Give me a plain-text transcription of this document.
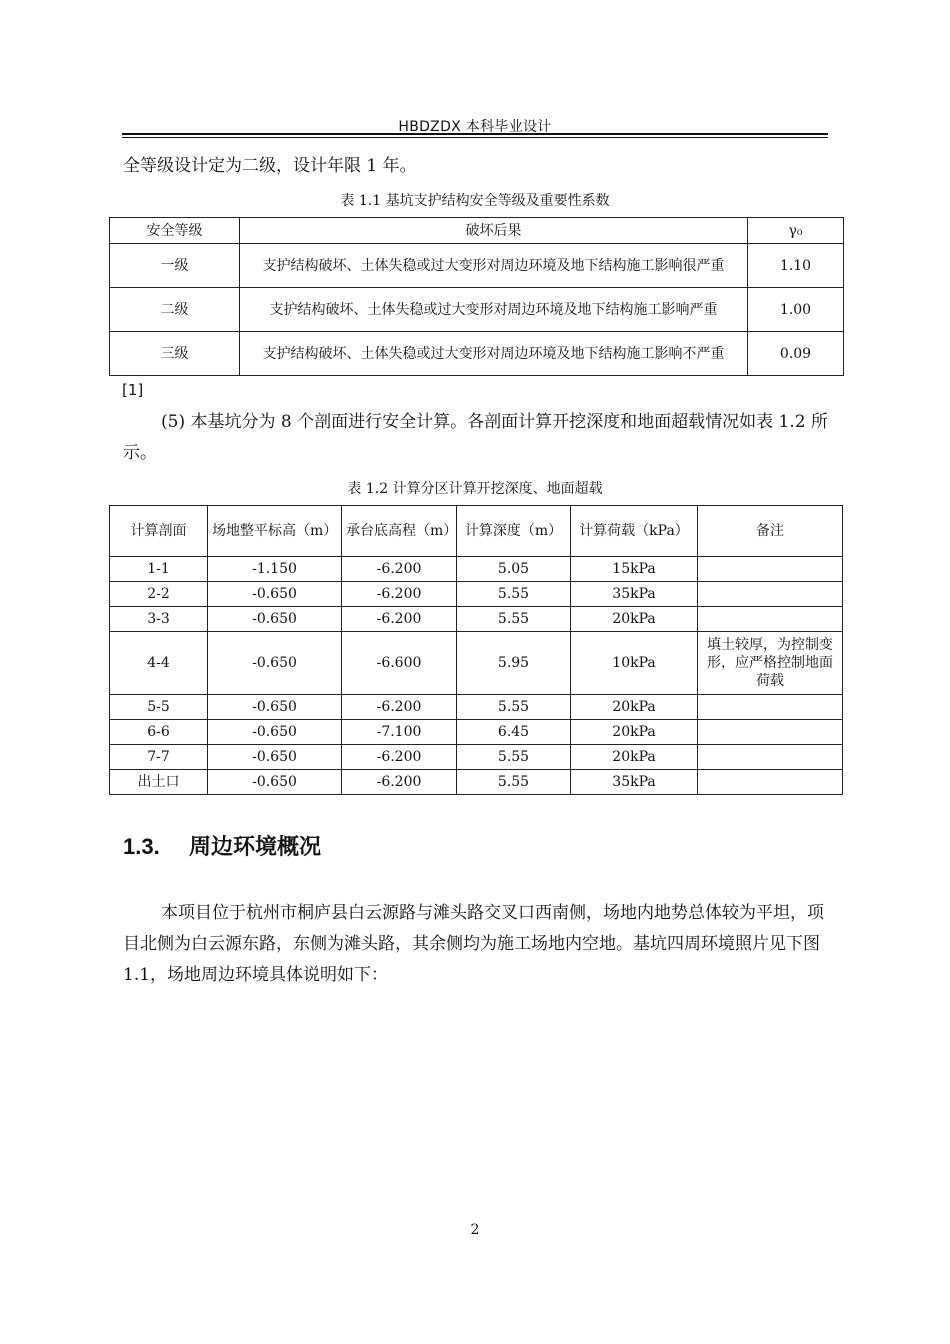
HBDZDX 本科毕业设计
全等级设计定为二级，设计年限 1 年。
表 1.1 基坑支护结构安全等级及重要性系数
安全等级	破坏后果	γ₀
一级	支护结构破坏、土体失稳或过大变形对周边环境及地下结构施工影响很严重	1.10
二级	支护结构破坏、土体失稳或过大变形对周边环境及地下结构施工影响严重	1.00
三级	支护结构破坏、土体失稳或过大变形对周边环境及地下结构施工影响不严重	0.09
[1]
(5) 本基坑分为 8 个剖面进行安全计算。各剖面计算开挖深度和地面超载情况如表 1.2 所示。
表 1.2 计算分区计算开挖深度、地面超载
计算剖面	场地整平标高（m）	承台底高程（m）	计算深度（m）	计算荷载（kPa）	备注
1-1	-1.150	-6.200	5.05	15kPa	
2-2	-0.650	-6.200	5.55	35kPa	
3-3	-0.650	-6.200	5.55	20kPa	
4-4	-0.650	-6.600	5.95	10kPa	填土较厚，为控制变形，应严格控制地面荷载
5-5	-0.650	-6.200	5.55	20kPa	
6-6	-0.650	-7.100	6.45	20kPa	
7-7	-0.650	-6.200	5.55	20kPa	
出土口	-0.650	-6.200	5.55	35kPa	
1.3. 周边环境概况
本项目位于杭州市桐庐县白云源路与滩头路交叉口西南侧，场地内地势总体较为平坦，项目北侧为白云源东路，东侧为滩头路，其余侧均为施工场地内空地。基坑四周环境照片见下图 1.1，场地周边环境具体说明如下：
2
